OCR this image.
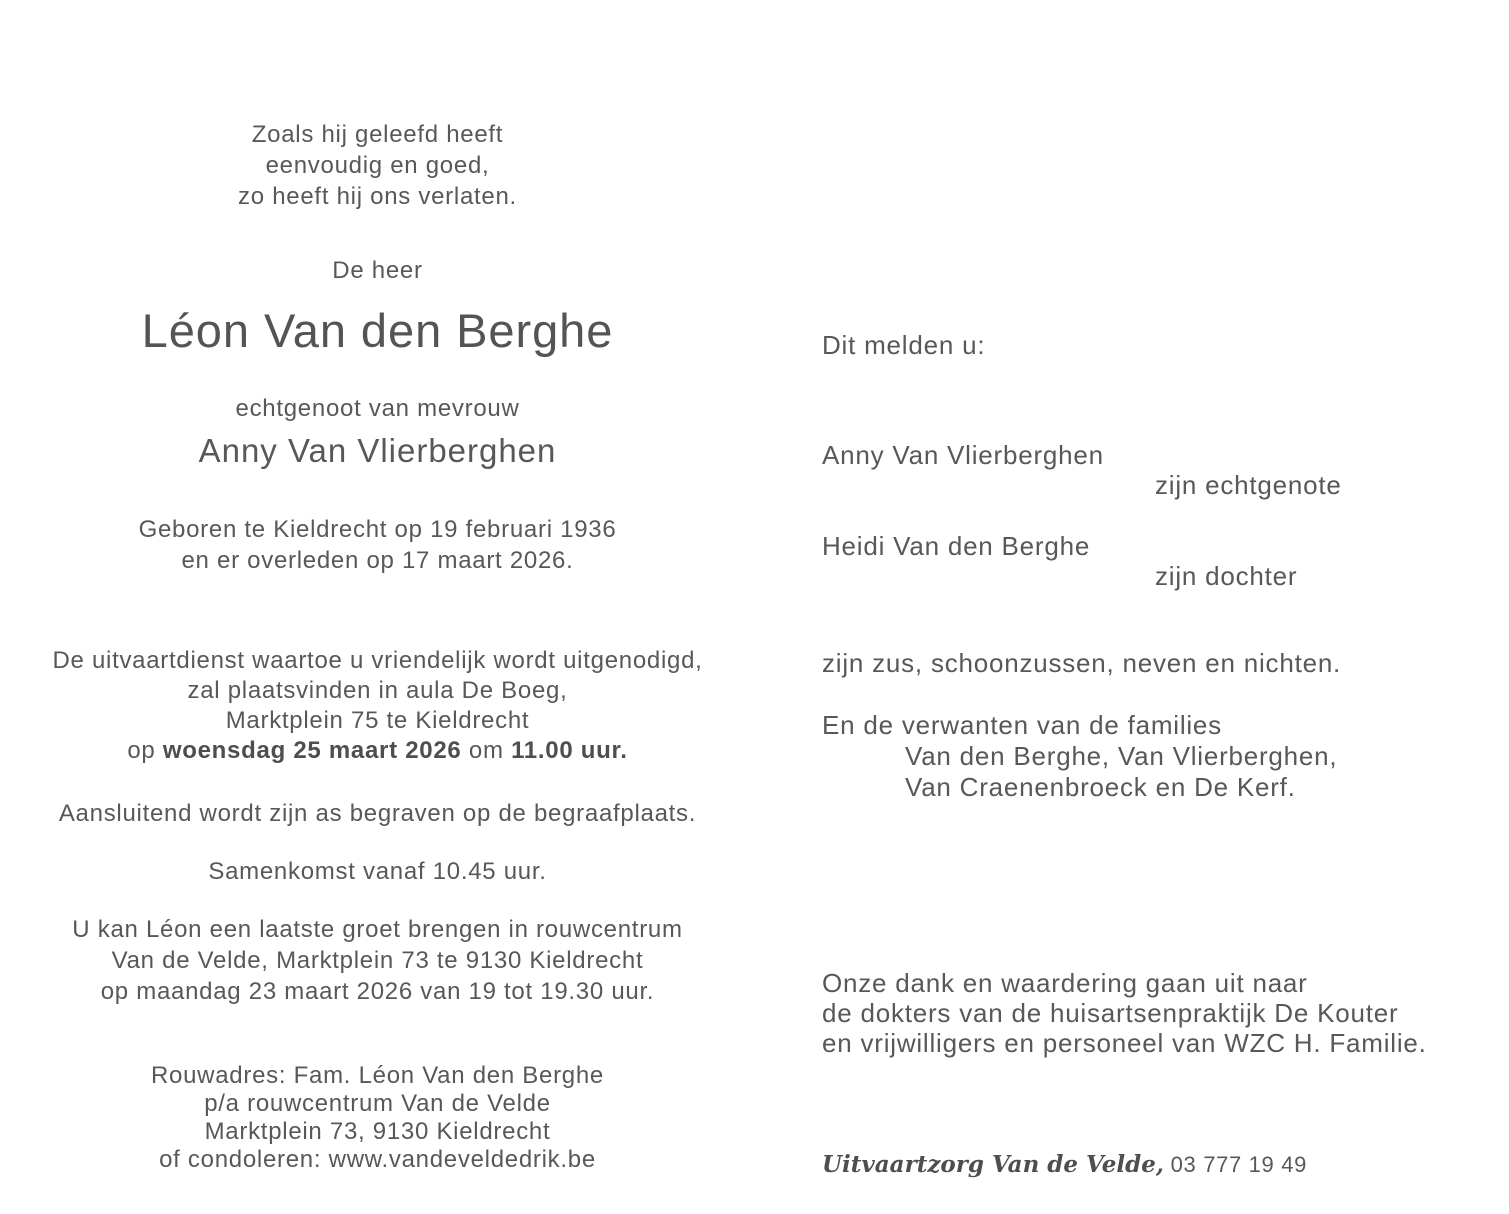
Zoals hij geleefd heeft
eenvoudig en goed,
zo heeft hij ons verlaten.
De heer
Léon Van den Berghe
echtgenoot van mevrouw
Anny Van Vlierberghen
Geboren te Kieldrecht op 19 februari 1936
en er overleden op 17 maart 2026.
De uitvaartdienst waartoe u vriendelijk wordt uitgenodigd,
zal plaatsvinden in aula De Boeg,
Marktplein 75 te Kieldrecht
op woensdag 25 maart 2026 om 11.00 uur.
Aansluitend wordt zijn as begraven op de begraafplaats.
Samenkomst vanaf 10.45 uur.
U kan Léon een laatste groet brengen in rouwcentrum
Van de Velde, Marktplein 73 te 9130 Kieldrecht
op maandag 23 maart 2026 van 19 tot 19.30 uur.
Rouwadres: Fam. Léon Van den Berghe
p/a rouwcentrum Van de Velde
Marktplein 73, 9130 Kieldrecht
of condoleren: www.vandeveldedrik.be
Dit melden u:
Anny Van Vlierberghen
zijn echtgenote
Heidi Van den Berghe
zijn dochter
zijn zus, schoonzussen, neven en nichten.
En de verwanten van de families
Van den Berghe, Van Vlierberghen,
Van Craenenbroeck en De Kerf.
Onze dank en waardering gaan uit naar
de dokters van de huisartsenpraktijk De Kouter
en vrijwilligers en personeel van WZC H. Familie.
Uitvaartzorg Van de Velde, 03 777 19 49
